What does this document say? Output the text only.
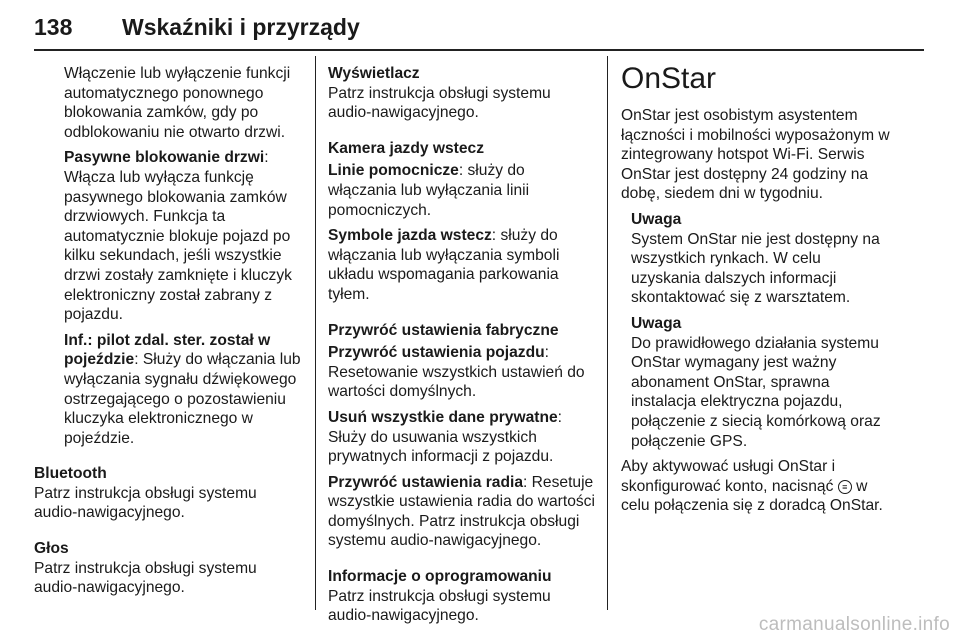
138 Wskaźniki i przyrządy

Włączenie lub wyłączenie funkcji automatycznego ponownego blokowania zamków, gdy po odblokowaniu nie otwarto drzwi.

Pasywne blokowanie drzwi: Włącza lub wyłącza funkcję pasywnego blokowania zamków drzwiowych. Funkcja ta automatycznie blokuje pojazd po kilku sekundach, jeśli wszystkie drzwi zostały zamknięte i kluczyk elektroniczny został zabrany z pojazdu.

Inf.: pilot zdal. ster. został w pojeździe: Służy do włączania lub wyłączania sygnału dźwiękowego ostrzegającego o pozostawieniu kluczyka elektronicznego w pojeździe.

Bluetooth

Patrz instrukcja obsługi systemu audio-nawigacyjnego.

Głos

Patrz instrukcja obsługi systemu audio-nawigacyjnego.

Wyświetlacz

Patrz instrukcja obsługi systemu audio-nawigacyjnego.

Kamera jazdy wstecz

Linie pomocnicze: służy do włączania lub wyłączania linii pomocniczych.

Symbole jazda wstecz: służy do włączania lub wyłączania symboli układu wspomagania parkowania tyłem.

Przywróć ustawienia fabryczne

Przywróć ustawienia pojazdu: Resetowanie wszystkich ustawień do wartości domyślnych.

Usuń wszystkie dane prywatne: Służy do usuwania wszystkich prywatnych informacji z pojazdu.

Przywróć ustawienia radia: Resetuje wszystkie ustawienia radia do wartości domyślnych. Patrz instrukcja obsługi systemu audio-nawigacyjnego.

Informacje o oprogramowaniu

Patrz instrukcja obsługi systemu audio-nawigacyjnego.

OnStar

OnStar jest osobistym asystentem łączności i mobilności wyposażonym w zintegrowany hotspot Wi-Fi. Serwis OnStar jest dostępny 24 godziny na dobę, siedem dni w tygodniu.

Uwaga

System OnStar nie jest dostępny na wszystkich rynkach. W celu uzyskania dalszych informacji skontaktować się z warsztatem.

Uwaga

Do prawidłowego działania systemu OnStar wymagany jest ważny abonament OnStar, sprawna instalacja elektryczna pojazdu, połączenie z siecią komórkową oraz połączenie GPS.

Aby aktywować usługi OnStar i skonfigurować konto, nacisnąć ≡ w celu połączenia się z doradcą OnStar.

carmanualsonline.info
